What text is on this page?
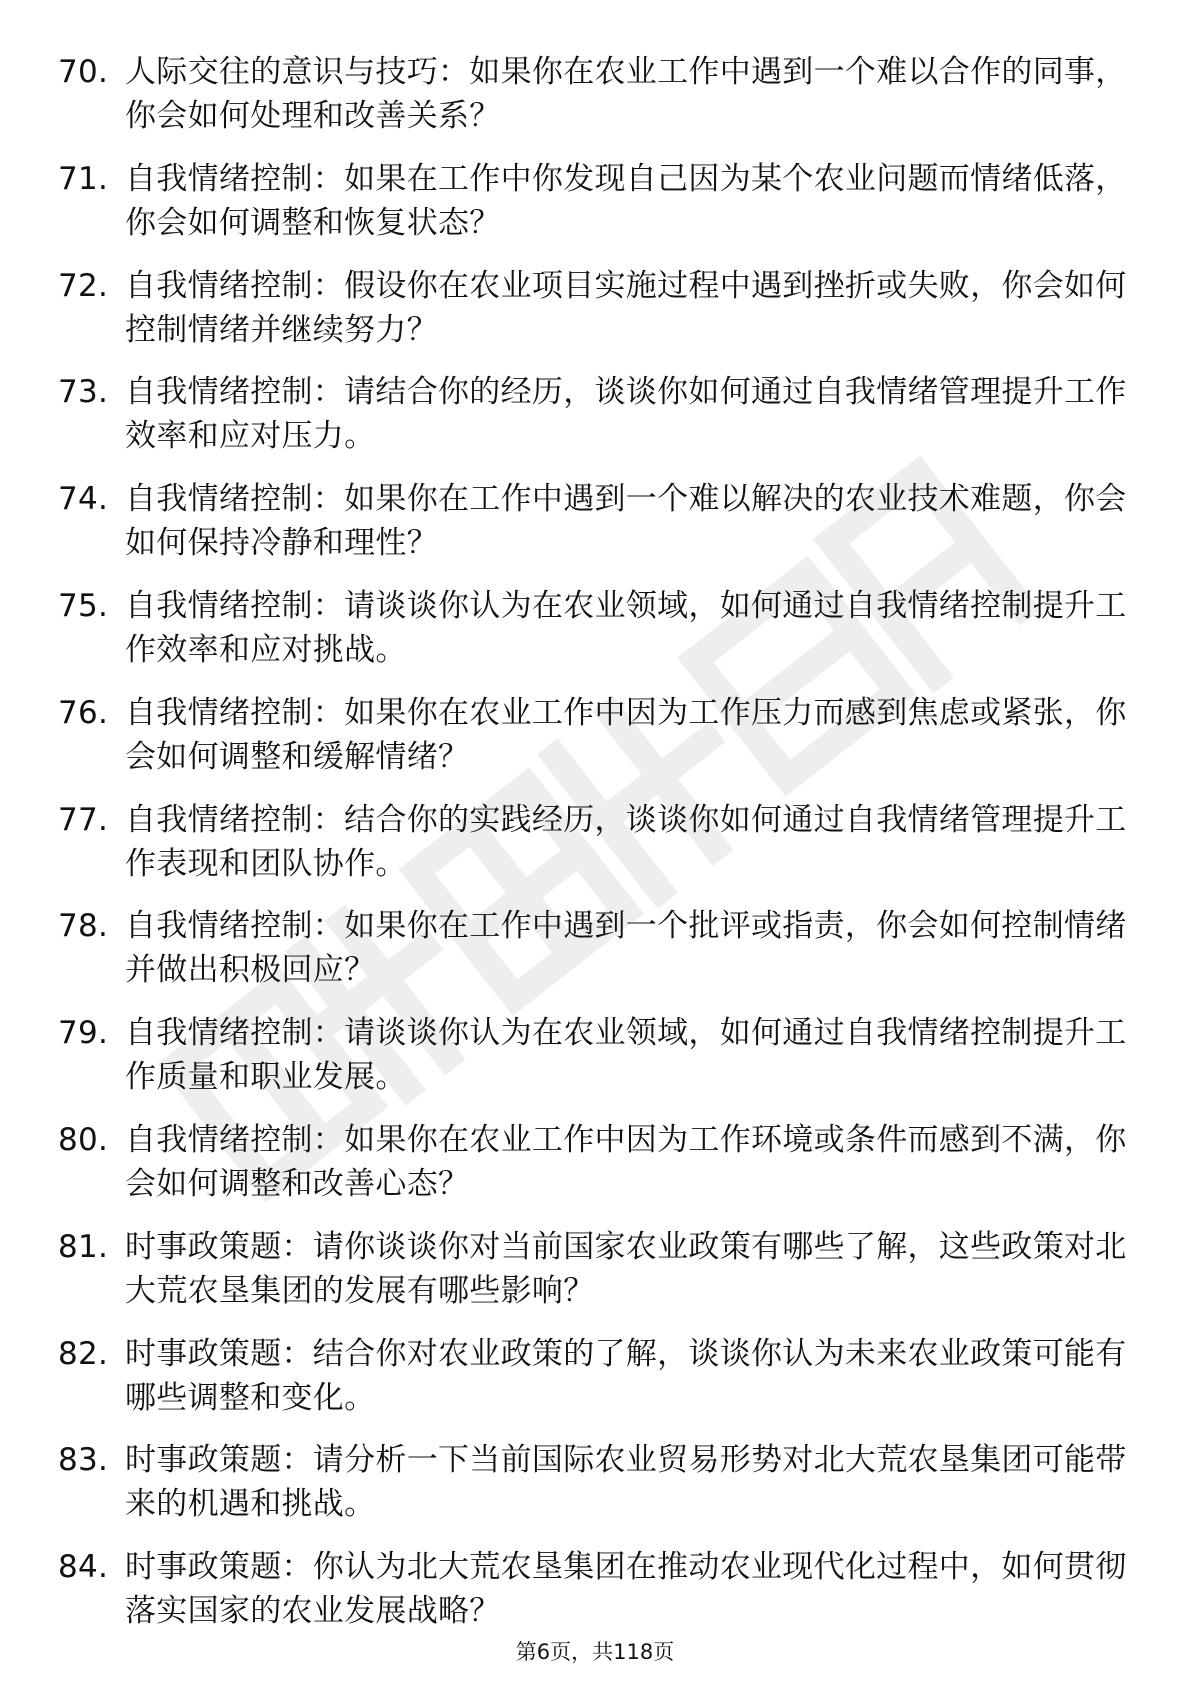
70. 人际交往的意识与技巧：如果你在农业工作中遇到一个难以合作的同事，你会如何处理和改善关系？
71. 自我情绪控制：如果在工作中你发现自己因为某个农业问题而情绪低落，你会如何调整和恢复状态？
72. 自我情绪控制：假设你在农业项目实施过程中遇到挫折或失败，你会如何控制情绪并继续努力？
73. 自我情绪控制：请结合你的经历，谈谈你如何通过自我情绪管理提升工作效率和应对压力。
74. 自我情绪控制：如果你在工作中遇到一个难以解决的农业技术难题，你会如何保持冷静和理性？
75. 自我情绪控制：请谈谈你认为在农业领域，如何通过自我情绪控制提升工作效率和应对挑战。
76. 自我情绪控制：如果你在农业工作中因为工作压力而感到焦虑或紧张，你会如何调整和缓解情绪？
77. 自我情绪控制：结合你的实践经历，谈谈你如何通过自我情绪管理提升工作表现和团队协作。
78. 自我情绪控制：如果你在工作中遇到一个批评或指责，你会如何控制情绪并做出积极回应？
79. 自我情绪控制：请谈谈你认为在农业领域，如何通过自我情绪控制提升工作质量和职业发展。
80. 自我情绪控制：如果你在农业工作中因为工作环境或条件而感到不满，你会如何调整和改善心态？
81. 时事政策题：请你谈谈你对当前国家农业政策有哪些了解，这些政策对北大荒农垦集团的发展有哪些影响？
82. 时事政策题：结合你对农业政策的了解，谈谈你认为未来农业政策可能有哪些调整和变化。
83. 时事政策题：请分析一下当前国际农业贸易形势对北大荒农垦集团可能带来的机遇和挑战。
84. 时事政策题：你认为北大荒农垦集团在推动农业现代化过程中，如何贯彻落实国家的农业发展战略？
第6页，共118页
